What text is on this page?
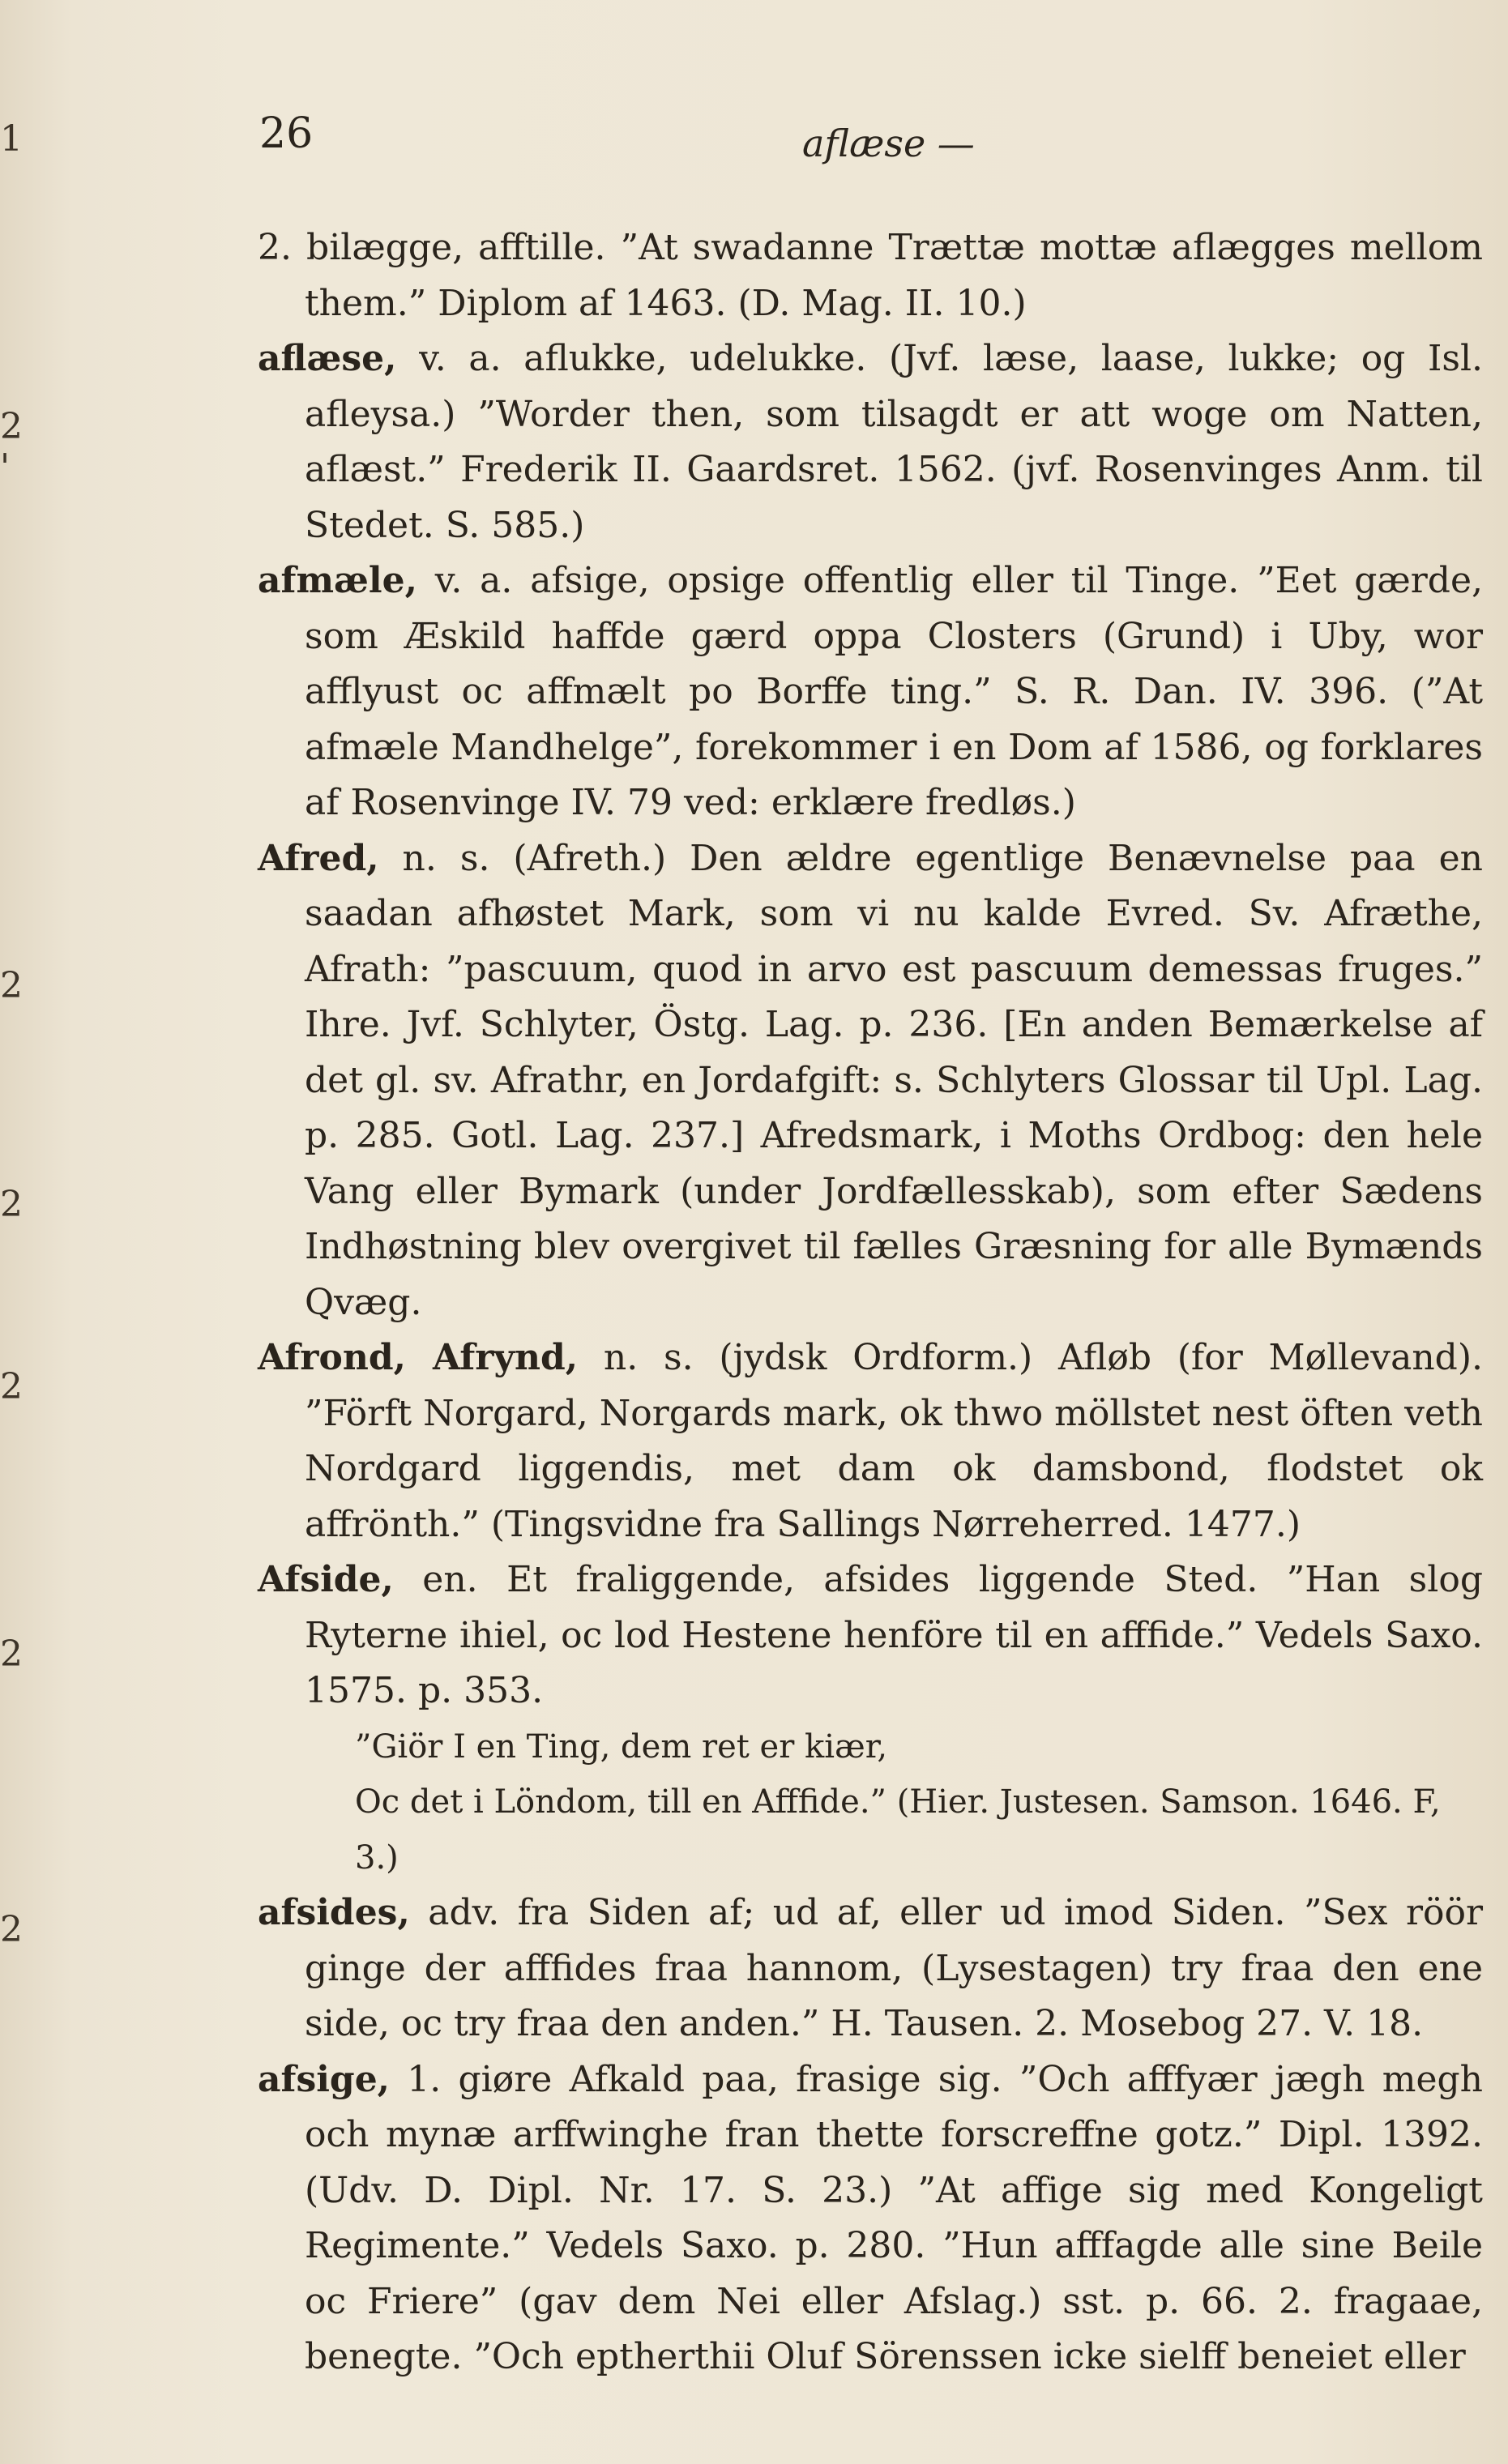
1
2
'
2
2
2
2
2
26	aflæse —

2. bilægge, afftille. ”At swadanne Trættæ mottæ aflægges mellom them.” Diplom af 1463. (D. Mag. II. 10.)

aflæse, v. a. aflukke, udelukke. (Jvf. læse, laase, lukke; og Isl. afleysa.) ”Worder then, som tilsagdt er att woge om Natten, aflæst.” Frederik II. Gaardsret. 1562. (jvf. Rosenvinges Anm. til Stedet. S. 585.)

afmæle, v. a. afsige, opsige offentlig eller til Tinge. ”Eet gærde, som Æskild haffde gærd oppa Closters (Grund) i Uby, wor afflyust oc affmælt po Borffe ting.” S. R. Dan. IV. 396. (”At afmæle Mandhelge”, forekommer i en Dom af 1586, og forklares af Rosenvinge IV. 79 ved: erklære fredløs.)

Afred, n. s. (Afreth.) Den ældre egentlige Benævnelse paa en saadan afhøstet Mark, som vi nu kalde Evred. Sv. Afræthe, Afrath: ”pascuum, quod in arvo est pascuum demessas fruges.” Ihre. Jvf. Schlyter, Östg. Lag. p. 236. [En anden Bemærkelse af det gl. sv. Afrathr, en Jordafgift: s. Schlyters Glossar til Upl. Lag. p. 285. Gotl. Lag. 237.] Afredsmark, i Moths Ordbog: den hele Vang eller Bymark (under Jordfællesskab), som efter Sædens Indhøstning blev overgivet til fælles Græsning for alle Bymænds Qvæg.

Afrond, Afrynd, n. s. (jydsk Ordform.) Afløb (for Møllevand). ”Förft Norgard, Norgards mark, ok thwo möllstet nest öften veth Nordgard liggendis, met dam ok damsbond, flodstet ok affrönth.” (Tingsvidne fra Sallings Nørreherred. 1477.)

Afside, en. Et fraliggende, afsides liggende Sted. ”Han slog Ryterne ihiel, oc lod Hestene henföre til en afffide.” Vedels Saxo. 1575. p. 353.

”Giör I en Ting, dem ret er kiær,

Oc det i Löndom, till en Afffide.” (Hier. Justesen. Samson. 1646. F, 3.)

afsides, adv. fra Siden af; ud af, eller ud imod Siden. ”Sex röör ginge der afffides fraa hannom, (Lysestagen) try fraa den ene side, oc try fraa den anden.” H. Tausen. 2. Mosebog 27. V. 18.

afsige, 1. giøre Afkald paa, frasige sig. ”Och afffyær jægh megh och mynæ arffwinghe fran thette forscreffne gotz.” Dipl. 1392. (Udv. D. Dipl. Nr. 17. S. 23.) ”At affige sig med Kongeligt Regimente.” Vedels Saxo. p. 280. ”Hun afffagde alle sine Beile oc Friere” (gav dem Nei eller Afslag.) sst. p. 66. 2. fragaae, benegte. ”Och eptherthii Oluf Sörenssen icke sielff beneiet eller
